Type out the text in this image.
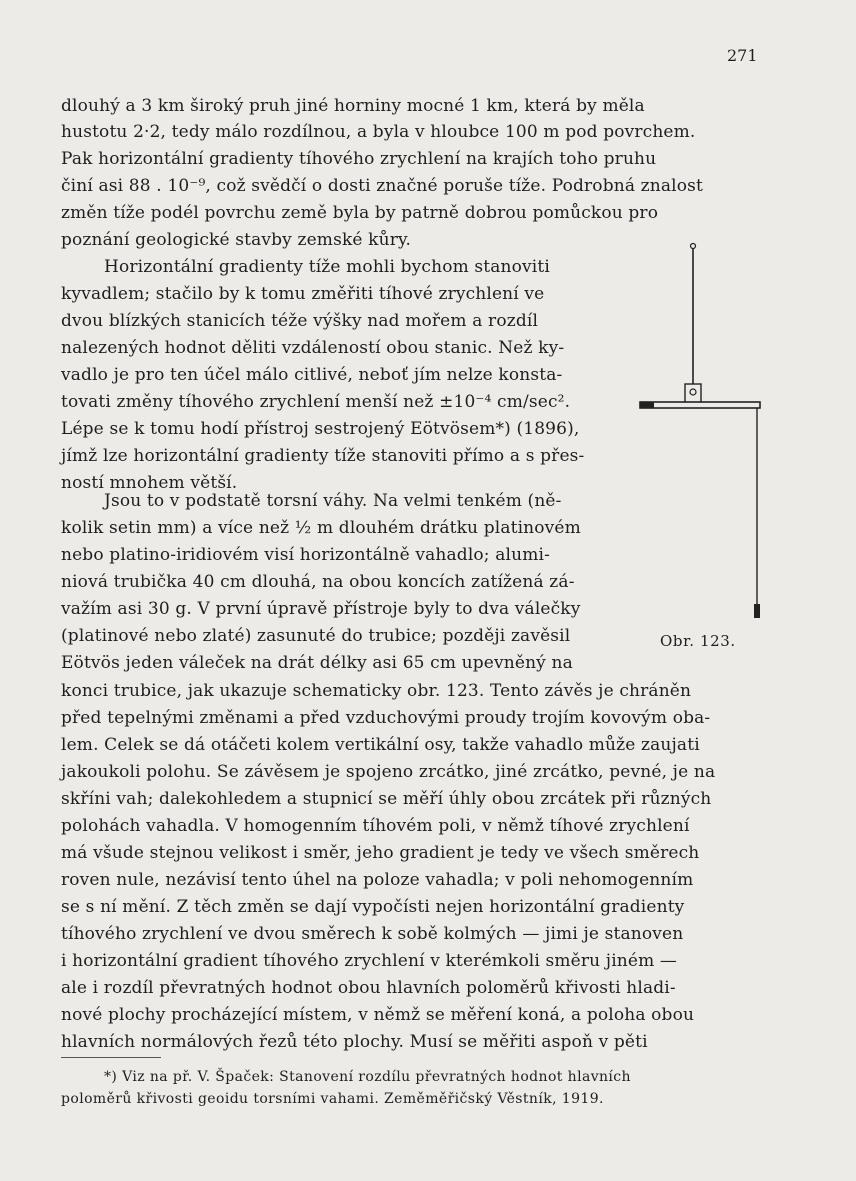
271
dlouhý a 3 km široký pruh jiné horniny mocné 1 km, která by měla
hustotu 2·2, tedy málo rozdílnou, a byla v hloubce 100 m pod povrchem.
Pak horizontální gradienty tíhového zrychlení na krajích toho pruhu
činí asi 88 . 10⁻⁹, což svědčí o dosti značné poruše tíže. Podrobná znalost
změn tíže podél povrchu země byla by patrně dobrou pomůckou pro
poznání geologické stavby zemské kůry.
Horizontální gradienty tíže mohli bychom stanoviti
kyvadlem; stačilo by k tomu změřiti tíhové zrychlení ve
dvou blízkých stanicích téže výšky nad mořem a rozdíl
nalezených hodnot děliti vzdáleností obou stanic. Než ky-
vadlo je pro ten účel málo citlivé, neboť jím nelze konsta-
tovati změny tíhového zrychlení menší než ±10⁻⁴ cm/sec².
Lépe se k tomu hodí přístroj sestrojený Eötvösem*) (1896),
jímž lze horizontální gradienty tíže stanoviti přímo a s přes-
ností mnohem větší.
Jsou to v podstatě torsní váhy. Na velmi tenkém (ně-
kolik setin mm) a více než ½ m dlouhém drátku platinovém
nebo platino-iridiovém visí horizontálně vahadlo; alumi-
niová trubička 40 cm dlouhá, na obou koncích zatížená zá-
važím asi 30 g. V první úpravě přístroje byly to dva válečky
(platinové nebo zlaté) zasunuté do trubice; později zavěsil
Eötvös jeden váleček na drát délky asi 65 cm upevněný na
konci trubice, jak ukazuje schematicky obr. 123. Tento závěs je chráněn
před tepelnými změnami a před vzduchovými proudy trojím kovovým oba-
lem. Celek se dá otáčeti kolem vertikální osy, takže vahadlo může zaujati
jakoukoli polohu. Se závěsem je spojeno zrcátko, jiné zrcátko, pevné, je na
skříni vah; dalekohledem a stupnicí se měří úhly obou zrcátek při různých
polohách vahadla. V homogenním tíhovém poli, v němž tíhové zrychlení
má všude stejnou velikost i směr, jeho gradient je tedy ve všech směrech
roven nule, nezávisí tento úhel na poloze vahadla; v poli nehomogenním
se s ní mění. Z těch změn se dají vypočísti nejen horizontální gradienty
tíhového zrychlení ve dvou směrech k sobě kolmých — jimi je stanoven
i horizontální gradient tíhového zrychlení v kterémkoli směru jiném —
ale i rozdíl převratných hodnot obou hlavních poloměrů křivosti hladi-
nové plochy procházející místem, v němž se měření koná, a poloha obou
hlavních normálových řezů této plochy. Musí se měřiti aspoň v pěti
*) Viz na př. V. Špaček: Stanovení rozdílu převratných hodnot hlavních
poloměrů křivosti geoidu torsními vahami. Zeměměřičský Věstník, 1919.
Obr. 123.
